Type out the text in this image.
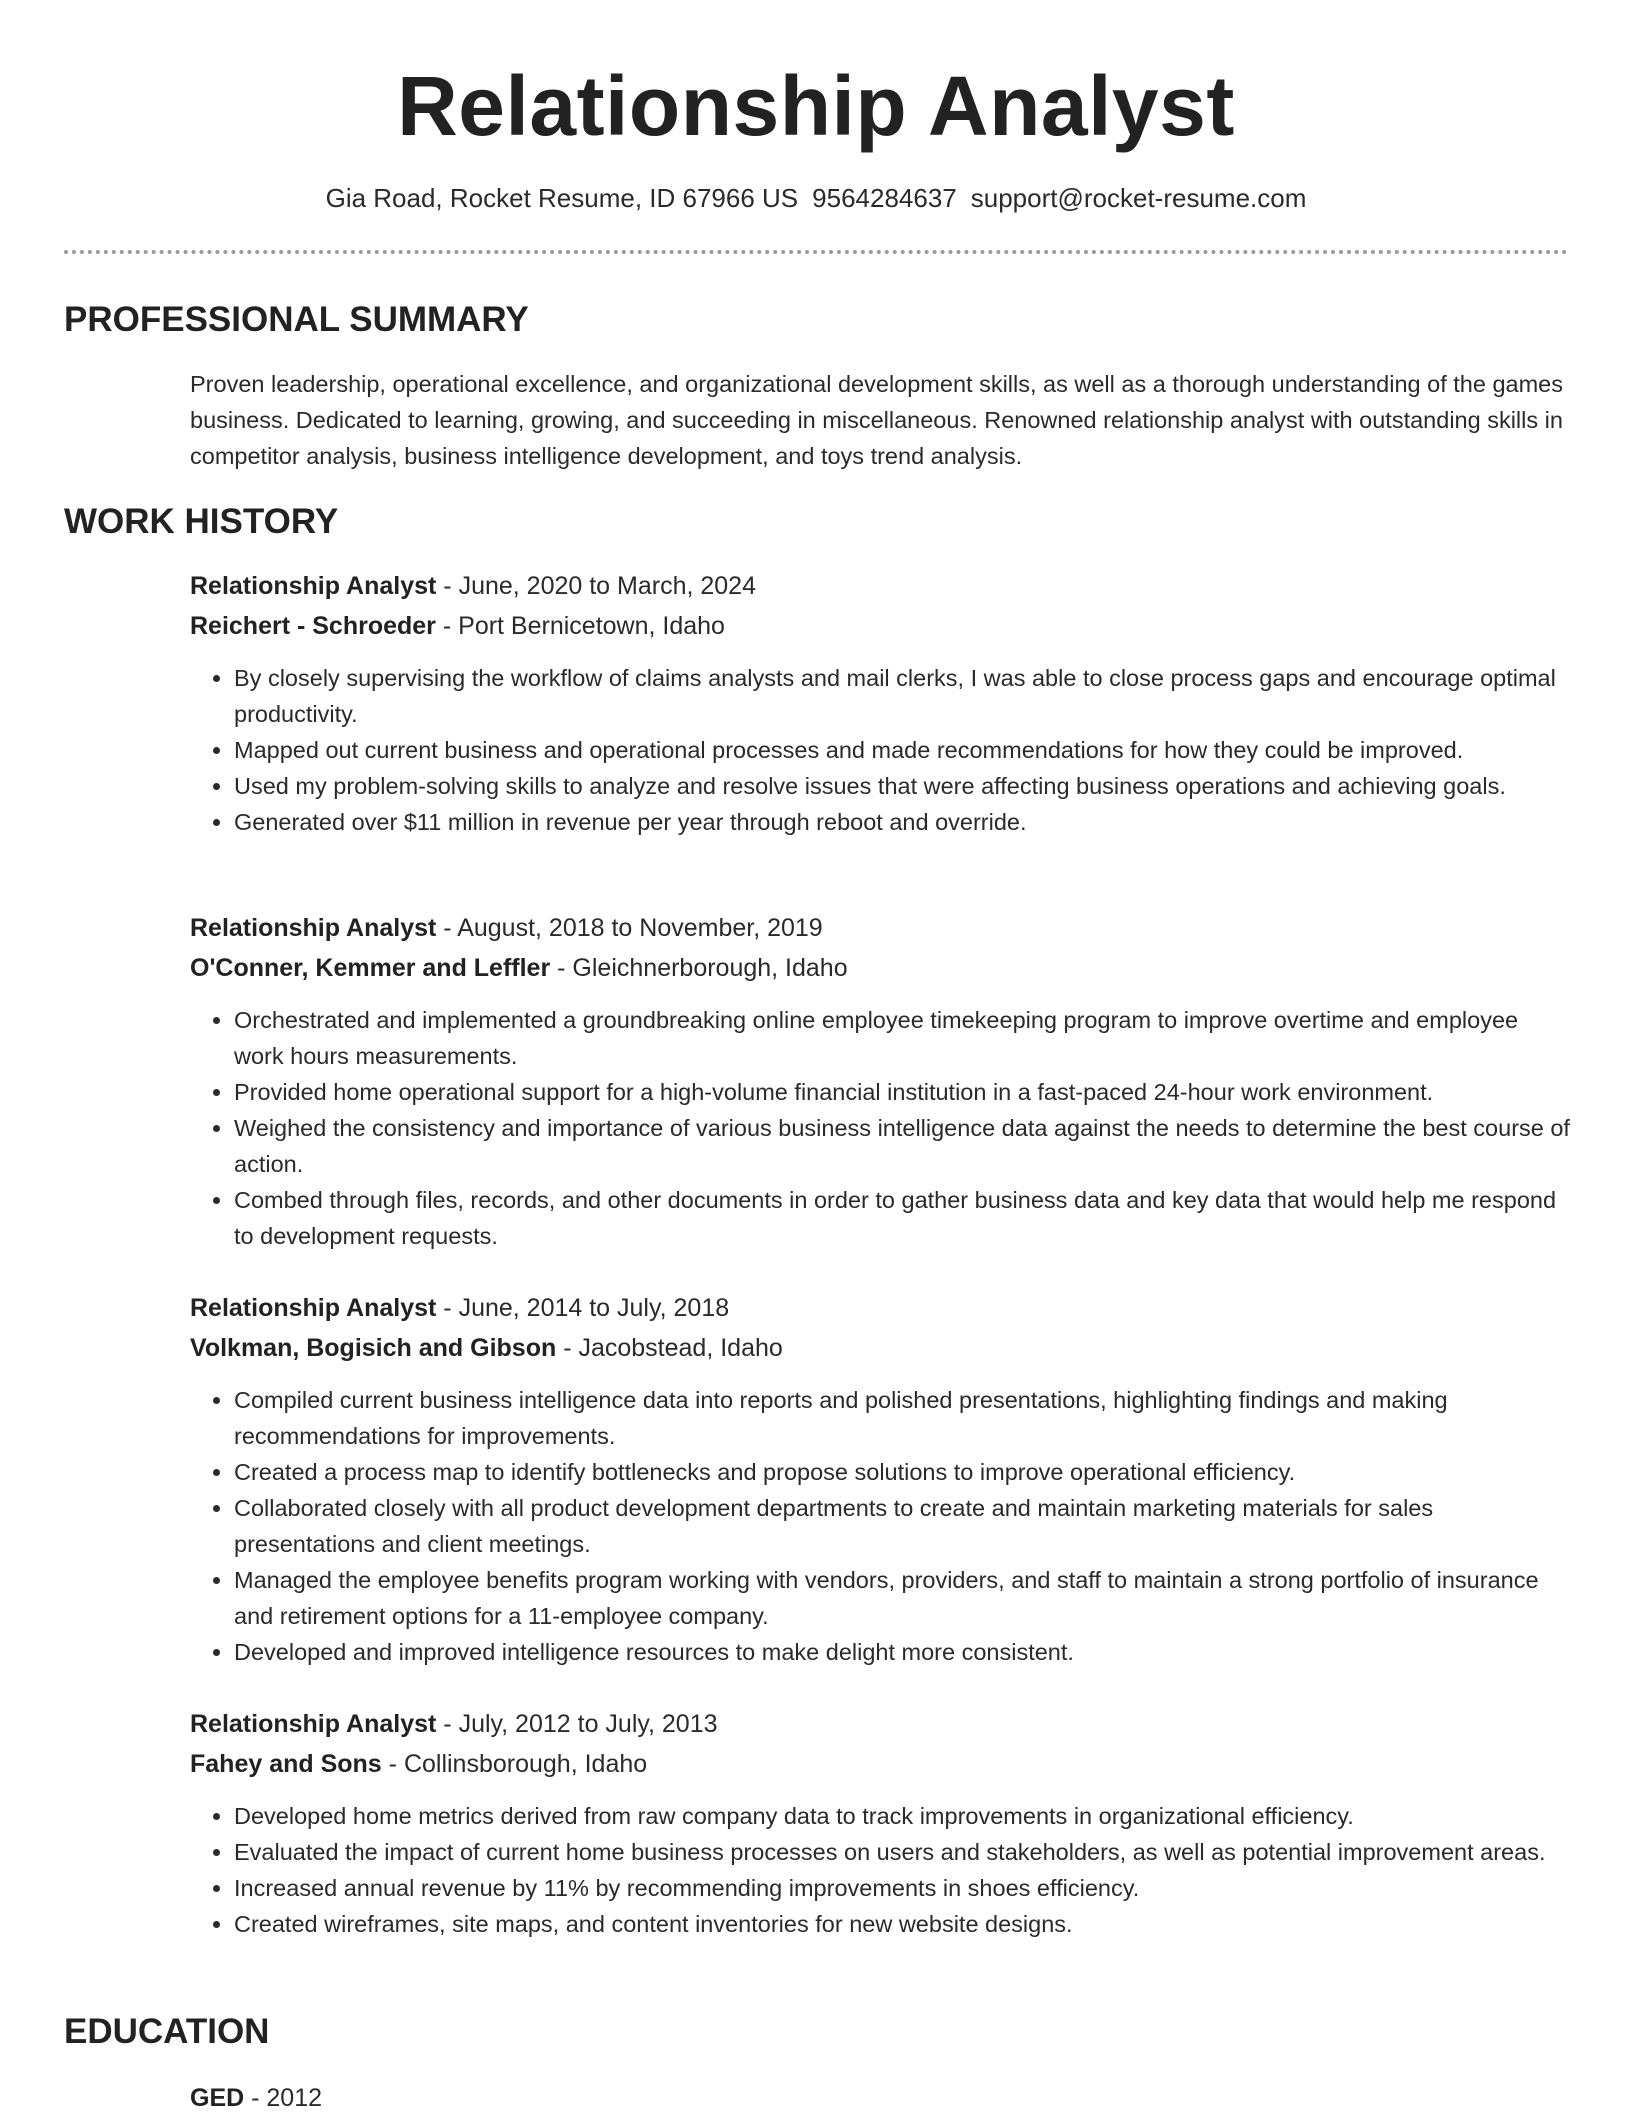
Relationship Analyst
Gia Road, Rocket Resume, ID 67966 US 9564284637 support@rocket-resume.com
PROFESSIONAL SUMMARY

Proven leadership, operational excellence, and organizational development skills, as well as a thorough understanding of the games business. Dedicated to learning, growing, and succeeding in miscellaneous. Renowned relationship analyst with outstanding skills in competitor analysis, business intelligence development, and toys trend analysis.

WORK HISTORY
Relationship Analyst - June, 2020 to March, 2024
Reichert - Schroeder - Port Bernicetown, Idaho
• By closely supervising the workflow of claims analysts and mail clerks, I was able to close process gaps and encourage optimal productivity.
• Mapped out current business and operational processes and made recommendations for how they could be improved.
• Used my problem-solving skills to analyze and resolve issues that were affecting business operations and achieving goals.
• Generated over $11 million in revenue per year through reboot and override.
Relationship Analyst - August, 2018 to November, 2019
O'Conner, Kemmer and Leffler - Gleichnerborough, Idaho
• Orchestrated and implemented a groundbreaking online employee timekeeping program to improve overtime and employee work hours measurements.
• Provided home operational support for a high-volume financial institution in a fast-paced 24-hour work environment.
• Weighed the consistency and importance of various business intelligence data against the needs to determine the best course of action.
• Combed through files, records, and other documents in order to gather business data and key data that would help me respond to development requests.
Relationship Analyst - June, 2014 to July, 2018
Volkman, Bogisich and Gibson - Jacobstead, Idaho
• Compiled current business intelligence data into reports and polished presentations, highlighting findings and making recommendations for improvements.
• Created a process map to identify bottlenecks and propose solutions to improve operational efficiency.
• Collaborated closely with all product development departments to create and maintain marketing materials for sales presentations and client meetings.
• Managed the employee benefits program working with vendors, providers, and staff to maintain a strong portfolio of insurance and retirement options for a 11-employee company.
• Developed and improved intelligence resources to make delight more consistent.
Relationship Analyst - July, 2012 to July, 2013
Fahey and Sons - Collinsborough, Idaho
• Developed home metrics derived from raw company data to track improvements in organizational efficiency.
• Evaluated the impact of current home business processes on users and stakeholders, as well as potential improvement areas.
• Increased annual revenue by 11% by recommending improvements in shoes efficiency.
• Created wireframes, site maps, and content inventories for new website designs.
EDUCATION
GED - 2012
